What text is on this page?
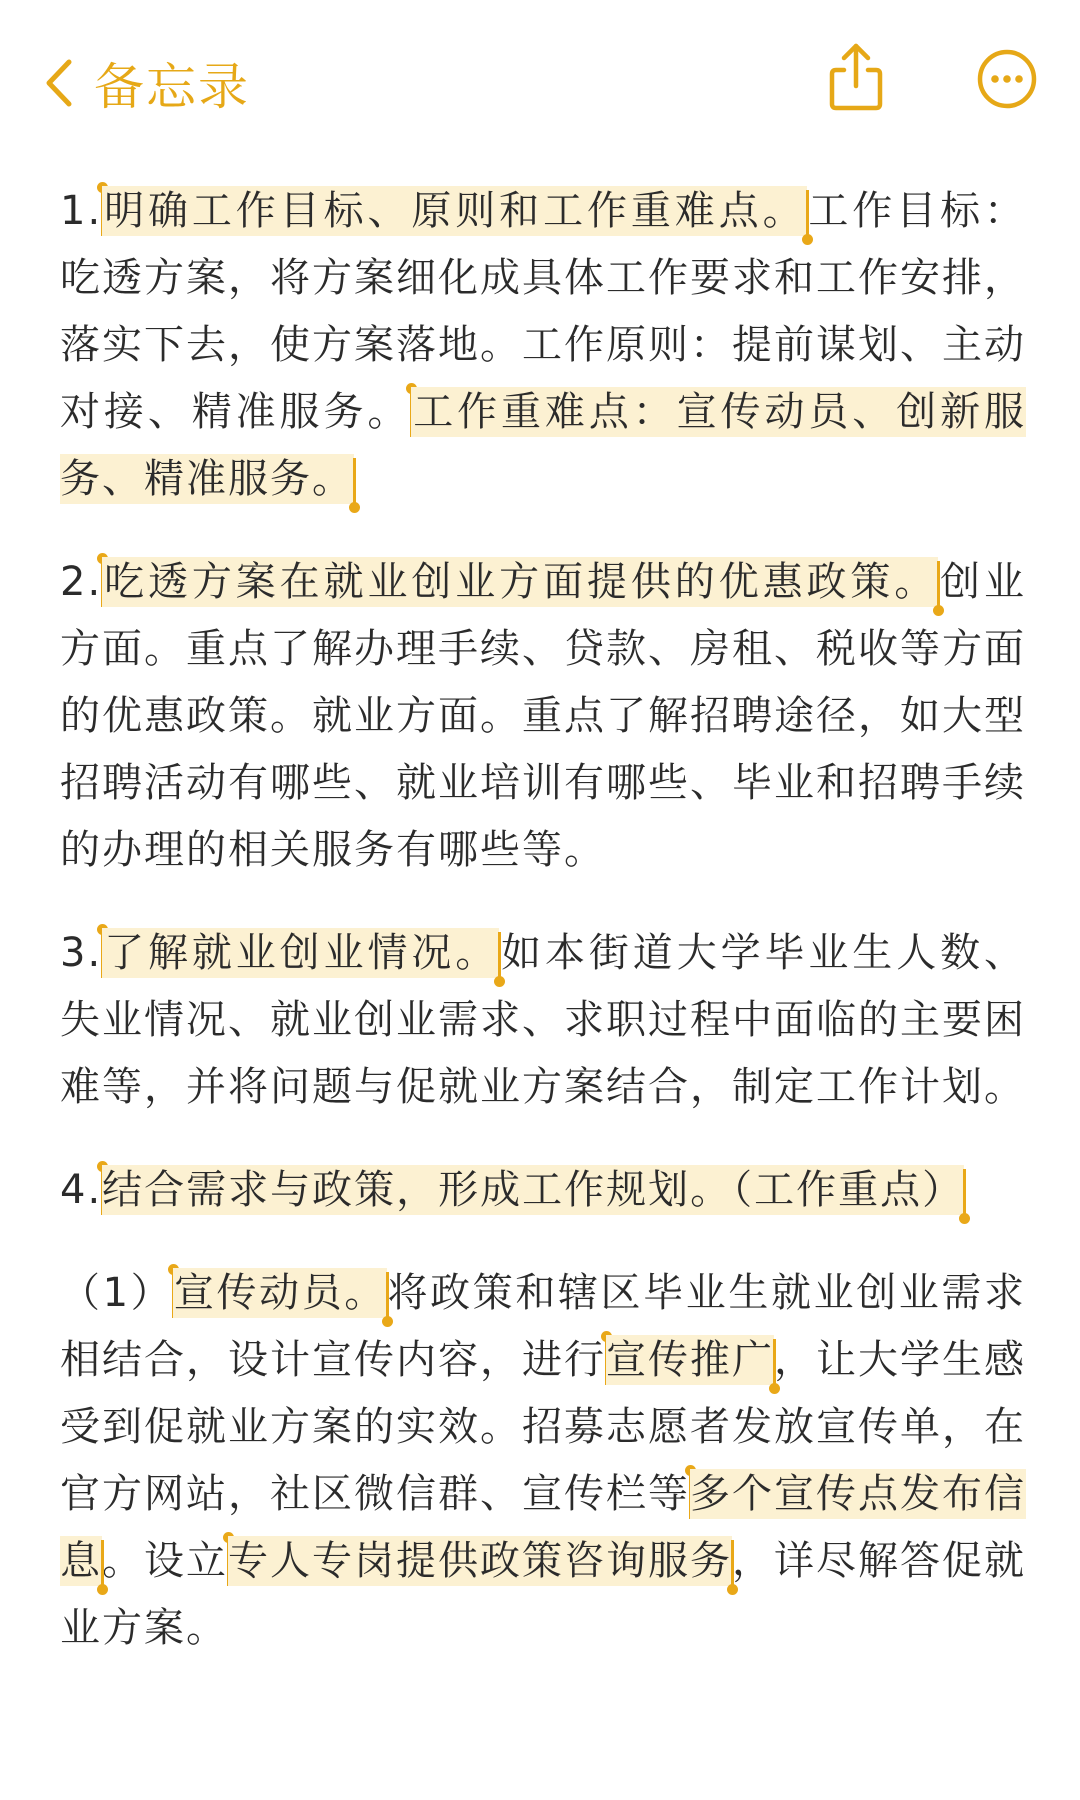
备忘录

1.明确工作目标、原则和工作重难点。工作目标：吃透方案，将方案细化成具体工作要求和工作安排，落实下去，使方案落地。工作原则：提前谋划、主动对接、精准服务。工作重难点：宣传动员、创新服务、精准服务。

2.吃透方案在就业创业方面提供的优惠政策。创业方面。重点了解办理手续、贷款、房租、税收等方面的优惠政策。就业方面。重点了解招聘途径，如大型招聘活动有哪些、就业培训有哪些、毕业和招聘手续的办理的相关服务有哪些等。

3.了解就业创业情况。如本街道大学毕业生人数、失业情况、就业创业需求、求职过程中面临的主要困难等，并将问题与促就业方案结合，制定工作计划。

4.结合需求与政策，形成工作规划。（工作重点）

（1）宣传动员。将政策和辖区毕业生就业创业需求相结合，设计宣传内容，进行宣传推广，让大学生感受到促就业方案的实效。招募志愿者发放宣传单，在官方网站，社区微信群、宣传栏等多个宣传点发布信息。设立专人专岗提供政策咨询服务，详尽解答促就业方案。
